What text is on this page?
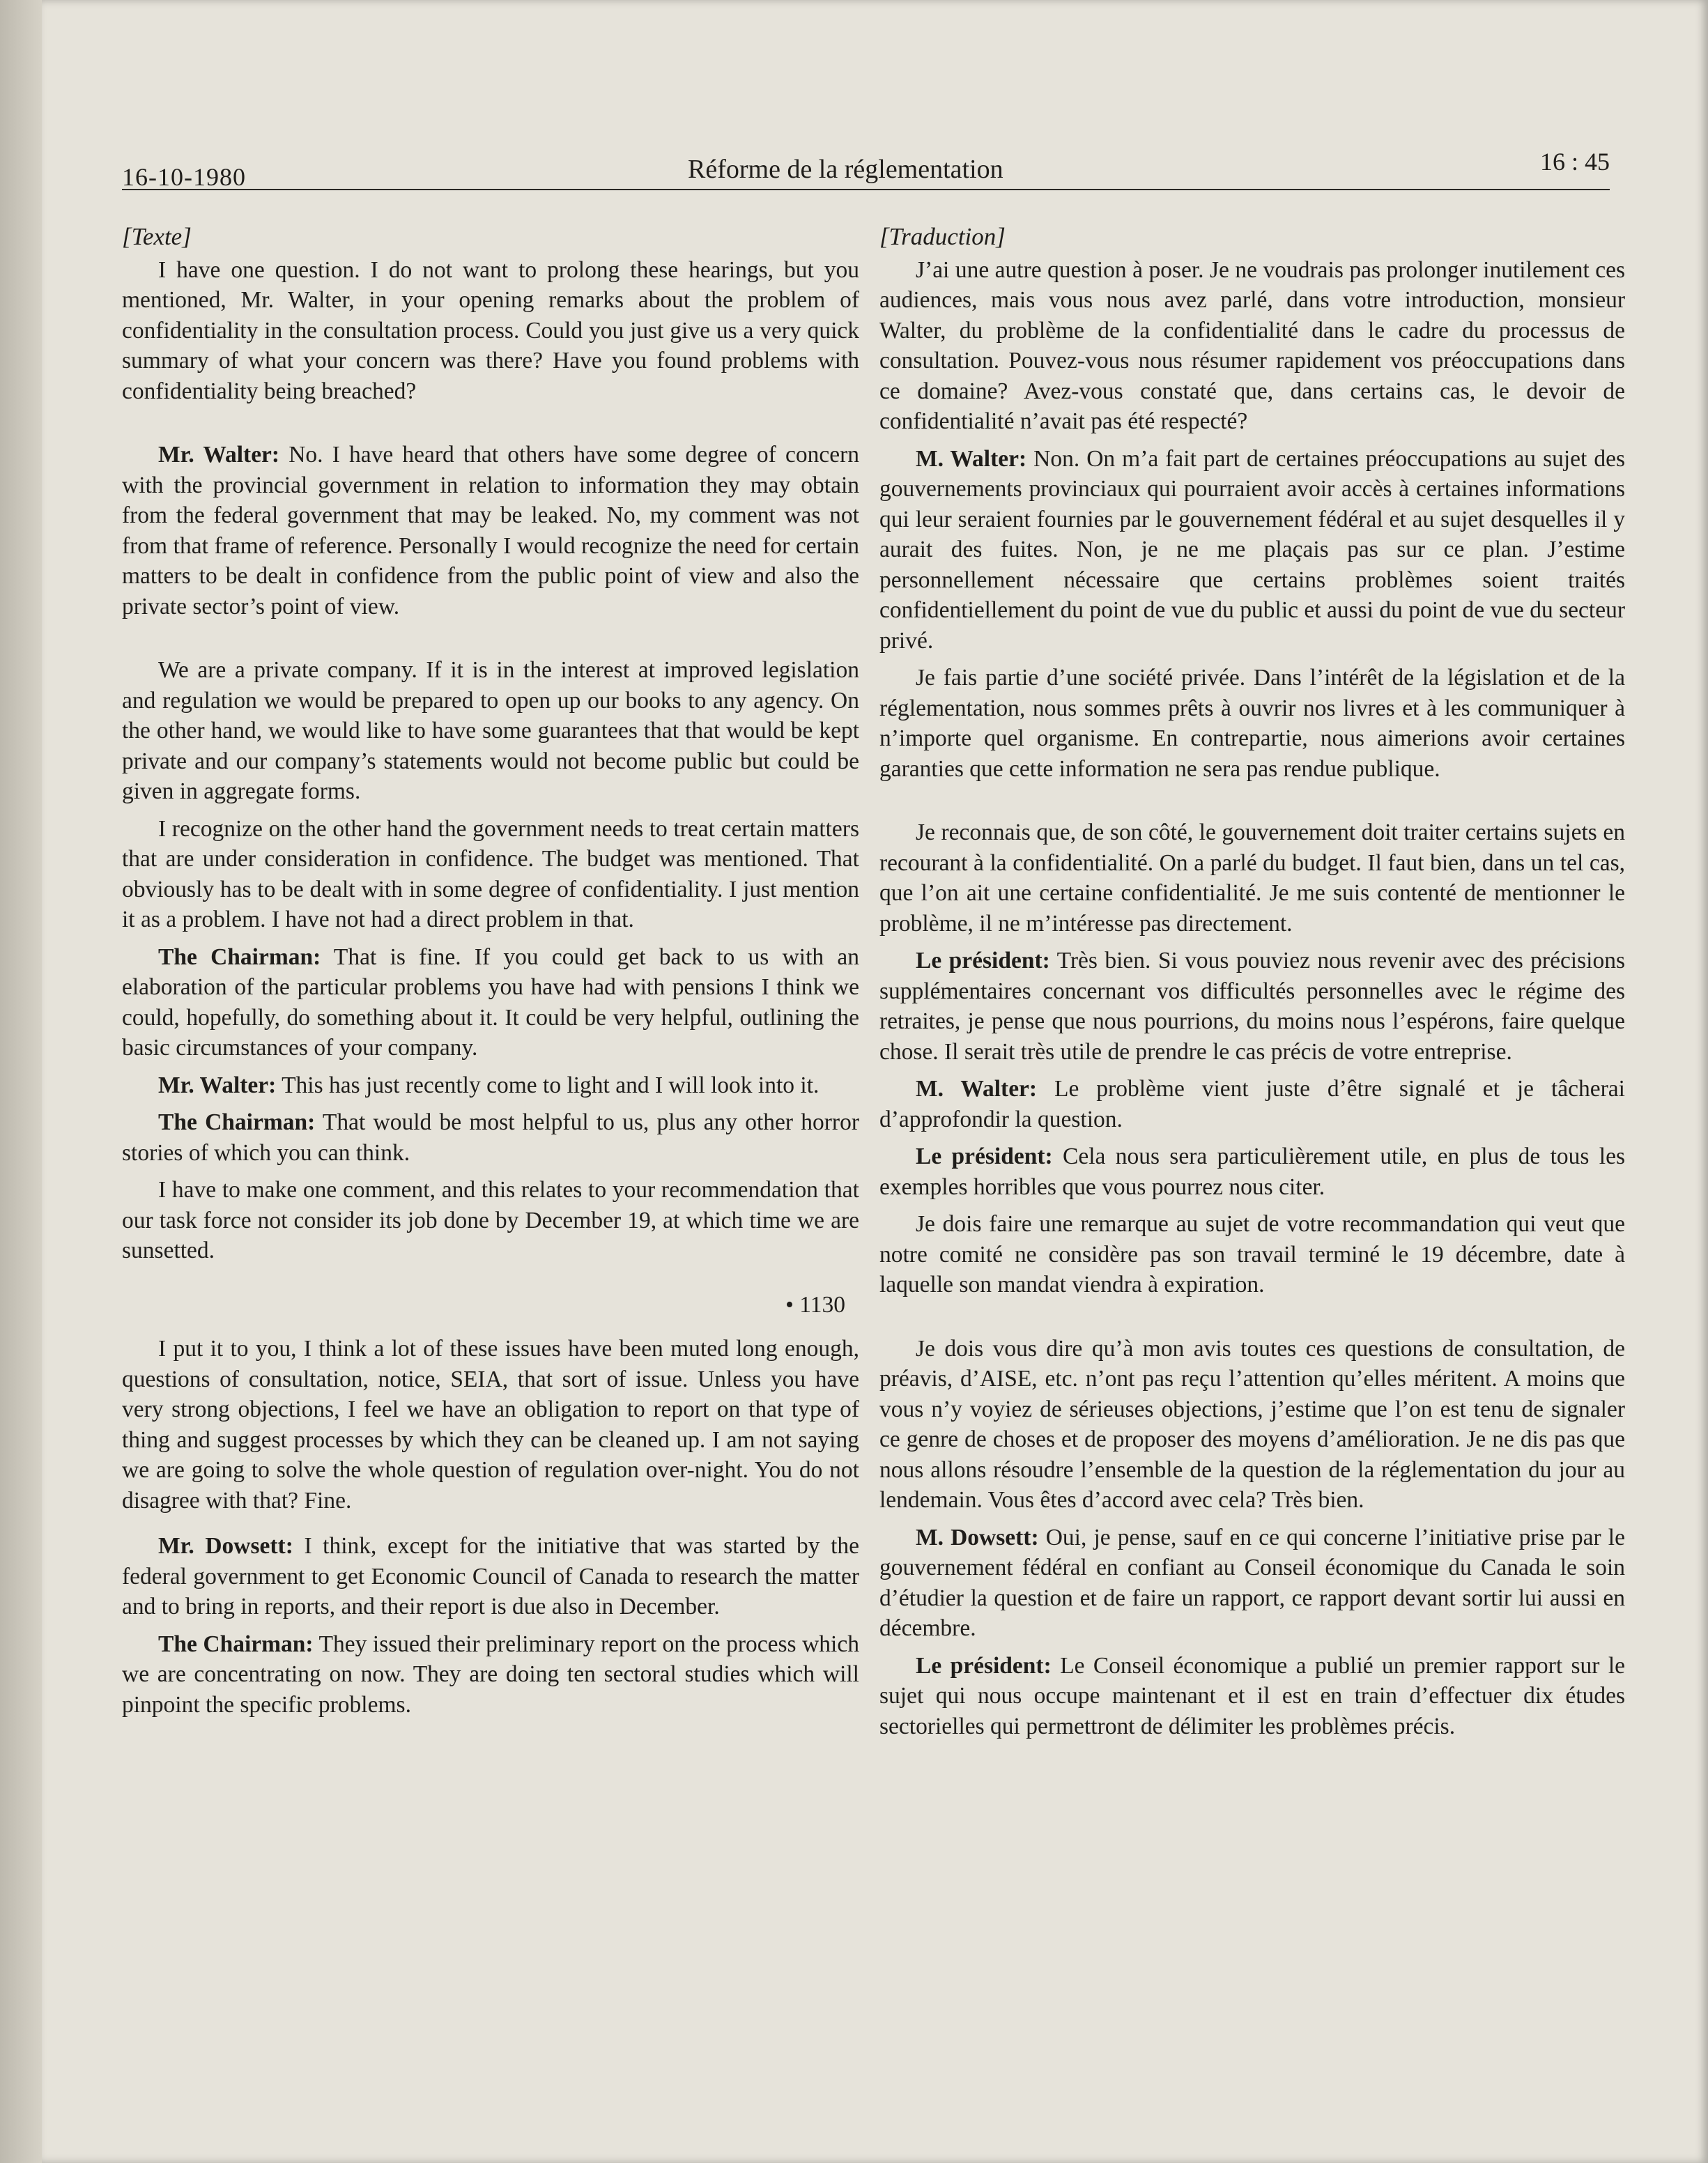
16-10-1980	Réforme de la réglementation	16 : 45
[Texte]

I have one question. I do not want to prolong these hearings, but you mentioned, Mr. Walter, in your opening remarks about the problem of confidentiality in the consultation process. Could you just give us a very quick summary of what your concern was there? Have you found problems with confidentiality being breached?

Mr. Walter: No. I have heard that others have some degree of concern with the provincial government in relation to information they may obtain from the federal government that may be leaked. No, my comment was not from that frame of reference. Personally I would recognize the need for certain matters to be dealt in confidence from the public point of view and also the private sector’s point of view.

We are a private company. If it is in the interest at improved legislation and regulation we would be prepared to open up our books to any agency. On the other hand, we would like to have some guarantees that that would be kept private and our company’s statements would not become public but could be given in aggregate forms.

I recognize on the other hand the government needs to treat certain matters that are under consideration in confidence. The budget was mentioned. That obviously has to be dealt with in some degree of confidentiality. I just mention it as a problem. I have not had a direct problem in that.

The Chairman: That is fine. If you could get back to us with an elaboration of the particular problems you have had with pensions I think we could, hopefully, do something about it. It could be very helpful, outlining the basic circumstances of your company.

Mr. Walter: This has just recently come to light and I will look into it.

The Chairman: That would be most helpful to us, plus any other horror stories of which you can think.

I have to make one comment, and this relates to your recommendation that our task force not consider its job done by December 19, at which time we are sunsetted.

• 1130

I put it to you, I think a lot of these issues have been muted long enough, questions of consultation, notice, SEIA, that sort of issue. Unless you have very strong objections, I feel we have an obligation to report on that type of thing and suggest processes by which they can be cleaned up. I am not saying we are going to solve the whole question of regulation over-night. You do not disagree with that? Fine.

Mr. Dowsett: I think, except for the initiative that was started by the federal government to get Economic Council of Canada to research the matter and to bring in reports, and their report is due also in December.

The Chairman: They issued their preliminary report on the process which we are concentrating on now. They are doing ten sectoral studies which will pinpoint the specific problems.

[Traduction]

J’ai une autre question à poser. Je ne voudrais pas prolonger inutilement ces audiences, mais vous nous avez parlé, dans votre introduction, monsieur Walter, du problème de la confidentialité dans le cadre du processus de consultation. Pouvez-vous nous résumer rapidement vos préoccupations dans ce domaine? Avez-vous constaté que, dans certains cas, le devoir de confidentialité n’avait pas été respecté?

M. Walter: Non. On m’a fait part de certaines préoccupations au sujet des gouvernements provinciaux qui pourraient avoir accès à certaines informations qui leur seraient fournies par le gouvernement fédéral et au sujet desquelles il y aurait des fuites. Non, je ne me plaçais pas sur ce plan. J’estime personnellement nécessaire que certains problèmes soient traités confidentiellement du point de vue du public et aussi du point de vue du secteur privé.

Je fais partie d’une société privée. Dans l’intérêt de la législation et de la réglementation, nous sommes prêts à ouvrir nos livres et à les communiquer à n’importe quel organisme. En contrepartie, nous aimerions avoir certaines garanties que cette information ne sera pas rendue publique.

Je reconnais que, de son côté, le gouvernement doit traiter certains sujets en recourant à la confidentialité. On a parlé du budget. Il faut bien, dans un tel cas, que l’on ait une certaine confidentialité. Je me suis contenté de mentionner le problème, il ne m’intéresse pas directement.

Le président: Très bien. Si vous pouviez nous revenir avec des précisions supplémentaires concernant vos difficultés personnelles avec le régime des retraites, je pense que nous pourrions, du moins nous l’espérons, faire quelque chose. Il serait très utile de prendre le cas précis de votre entreprise.

M. Walter: Le problème vient juste d’être signalé et je tâcherai d’approfondir la question.

Le président: Cela nous sera particulièrement utile, en plus de tous les exemples horribles que vous pourrez nous citer.

Je dois faire une remarque au sujet de votre recommandation qui veut que notre comité ne considère pas son travail terminé le 19 décembre, date à laquelle son mandat viendra à expiration.

Je dois vous dire qu’à mon avis toutes ces questions de consultation, de préavis, d’AISE, etc. n’ont pas reçu l’attention qu’elles méritent. A moins que vous n’y voyiez de sérieuses objections, j’estime que l’on est tenu de signaler ce genre de choses et de proposer des moyens d’amélioration. Je ne dis pas que nous allons résoudre l’ensemble de la question de la réglementation du jour au lendemain. Vous êtes d’accord avec cela? Très bien.

M. Dowsett: Oui, je pense, sauf en ce qui concerne l’initiative prise par le gouvernement fédéral en confiant au Conseil économique du Canada le soin d’étudier la question et de faire un rapport, ce rapport devant sortir lui aussi en décembre.

Le président: Le Conseil économique a publié un premier rapport sur le sujet qui nous occupe maintenant et il est en train d’effectuer dix études sectorielles qui permettront de délimiter les problèmes précis.
